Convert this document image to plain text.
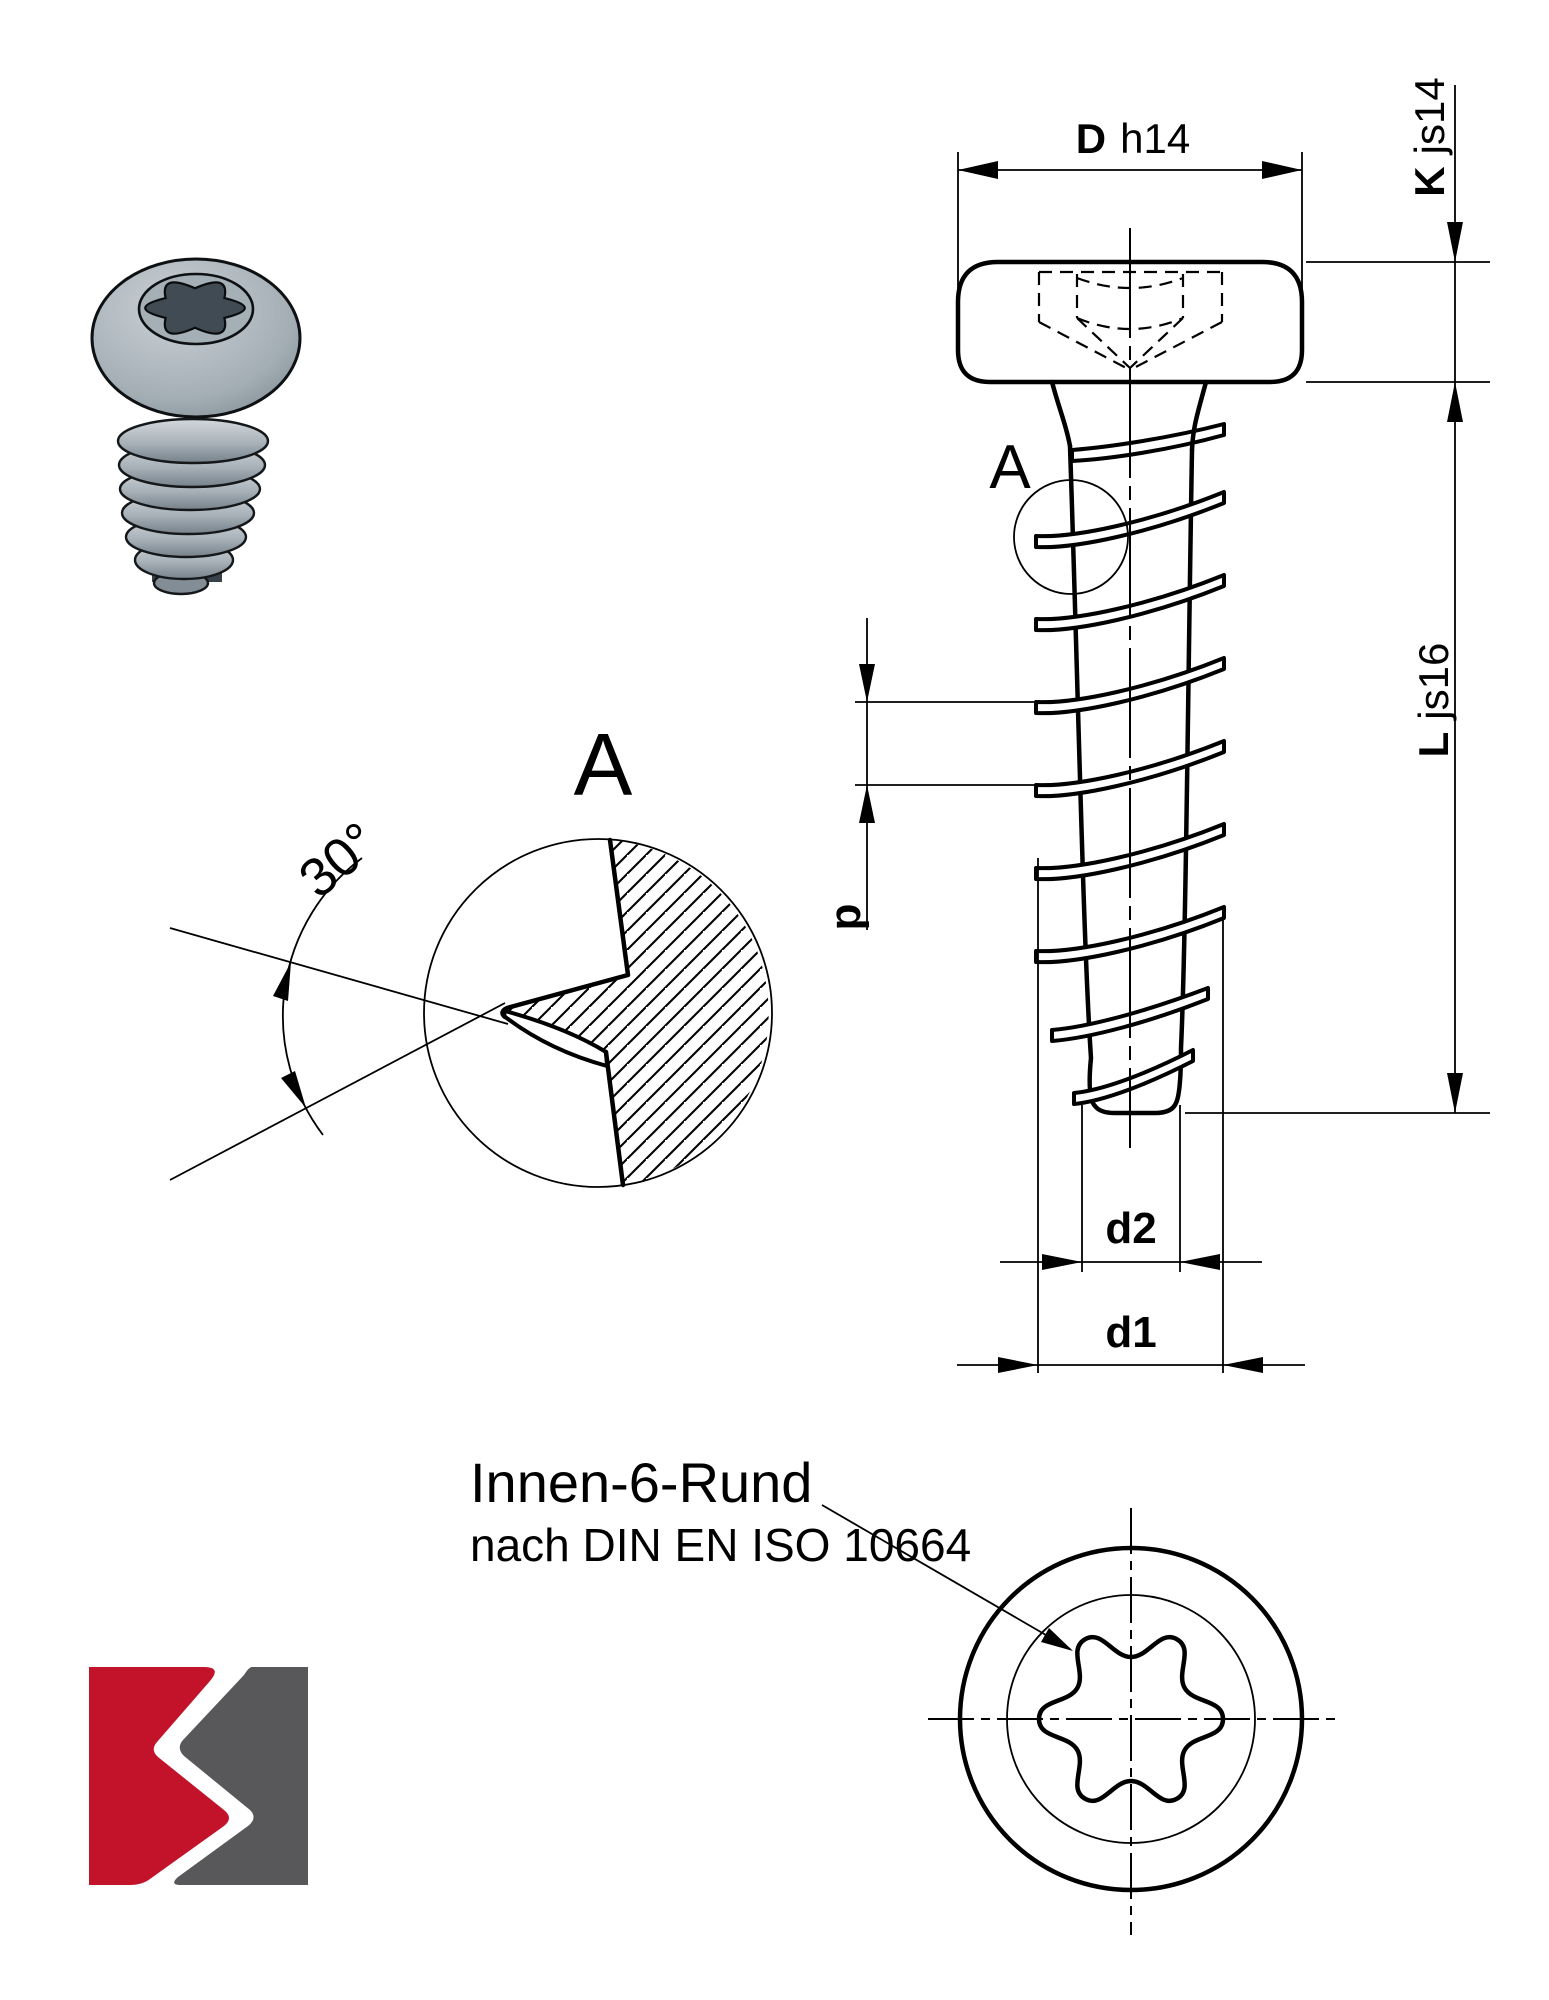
A
D h14
Kjs14
Ljs16
p
d2
d1
A
30°
Innen-6-Rund
nach DIN EN ISO 10664
